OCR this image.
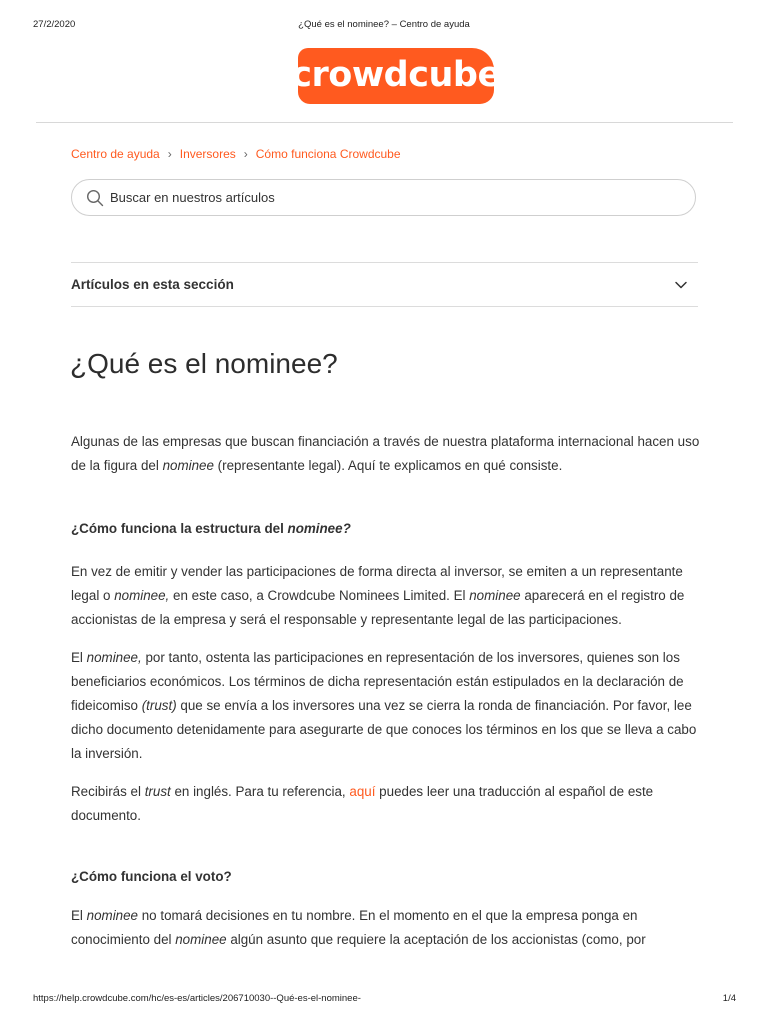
27/2/2020	¿Qué es el nominee? – Centro de ayuda
crowdcube
Centro de ayuda › Inversores › Cómo funciona Crowdcube
Buscar en nuestros artículos
Artículos en esta sección
¿Qué es el nominee?

Algunas de las empresas que buscan financiación a través de nuestra plataforma internacional hacen uso de la figura del nominee (representante legal). Aquí te explicamos en qué consiste.

¿Cómo funciona la estructura del nominee?

En vez de emitir y vender las participaciones de forma directa al inversor, se emiten a un representante legal o nominee, en este caso, a Crowdcube Nominees Limited. El nominee aparecerá en el registro de accionistas de la empresa y será el responsable y representante legal de las participaciones.

El nominee, por tanto, ostenta las participaciones en representación de los inversores, quienes son los beneficiarios económicos. Los términos de dicha representación están estipulados en la declaración de fideicomiso (trust) que se envía a los inversores una vez se cierra la ronda de financiación. Por favor, lee dicho documento detenidamente para asegurarte de que conoces los términos en los que se lleva a cabo la inversión.

Recibirás el trust en inglés. Para tu referencia, aquí puedes leer una traducción al español de este documento.

¿Cómo funciona el voto?

El nominee no tomará decisiones en tu nombre. En el momento en el que la empresa ponga en conocimiento del nominee algún asunto que requiere la aceptación de los accionistas (como, por

https://help.crowdcube.com/hc/es-es/articles/206710030--Qué-es-el-nominee-	1/4
